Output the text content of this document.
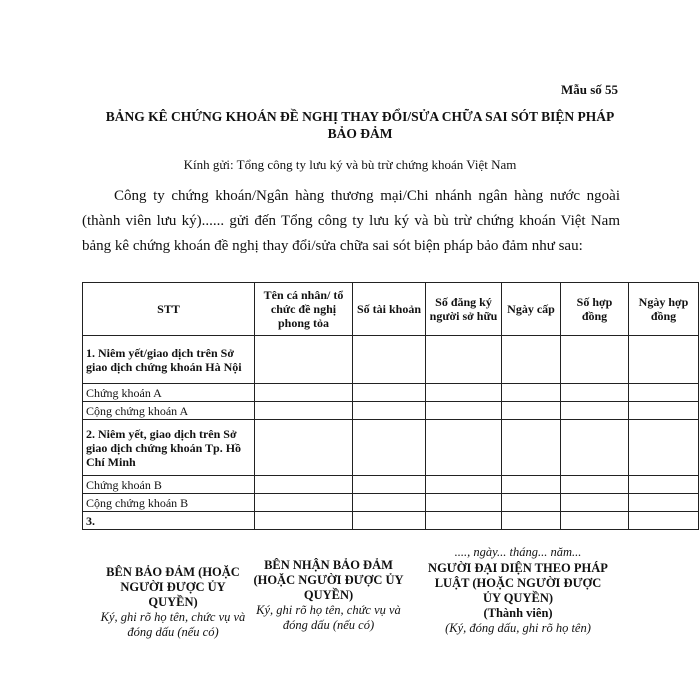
Mẫu số 55
BẢNG KÊ CHỨNG KHOÁN ĐỀ NGHỊ THAY ĐỔI/SỬA CHỮA SAI SÓT BIỆN PHÁP BẢO ĐẢM
Kính gửi: Tổng công ty lưu ký và bù trừ chứng khoán Việt Nam

Công ty chứng khoán/Ngân hàng thương mại/Chi nhánh ngân hàng nước ngoài (thành viên lưu ký)...... gửi đến Tổng công ty lưu ký và bù trừ chứng khoán Việt Nam bảng kê chứng khoán đề nghị thay đổi/sửa chữa sai sót biện pháp bảo đảm như sau:

STT	Tên cá nhân/ tổ chức đề nghị phong tỏa	Số tài khoản	Số đăng ký người sở hữu	Ngày cấp	Số hợp đồng	Ngày hợp đồng
1. Niêm yết/giao dịch trên Sở giao dịch chứng khoán Hà Nội						
Chứng khoán A						
Cộng chứng khoán A						
2. Niêm yết, giao dịch trên Sở giao dịch chứng khoán Tp. Hồ Chí Minh						
Chứng khoán B						
Cộng chứng khoán B						
3.						
...., ngày... tháng... năm...
BÊN BẢO ĐẢM (HOẶC NGƯỜI ĐƯỢC ỦY QUYỀN)
Ký, ghi rõ họ tên, chức vụ và đóng dấu (nếu có)
BÊN NHẬN BẢO ĐẢM (HOẶC NGƯỜI ĐƯỢC ỦY QUYỀN)
Ký, ghi rõ họ tên, chức vụ và đóng dấu (nếu có)
NGƯỜI ĐẠI DIỆN THEO PHÁP LUẬT (HOẶC NGƯỜI ĐƯỢC ỦY QUYỀN)
(Thành viên)
(Ký, đóng dấu, ghi rõ họ tên)
